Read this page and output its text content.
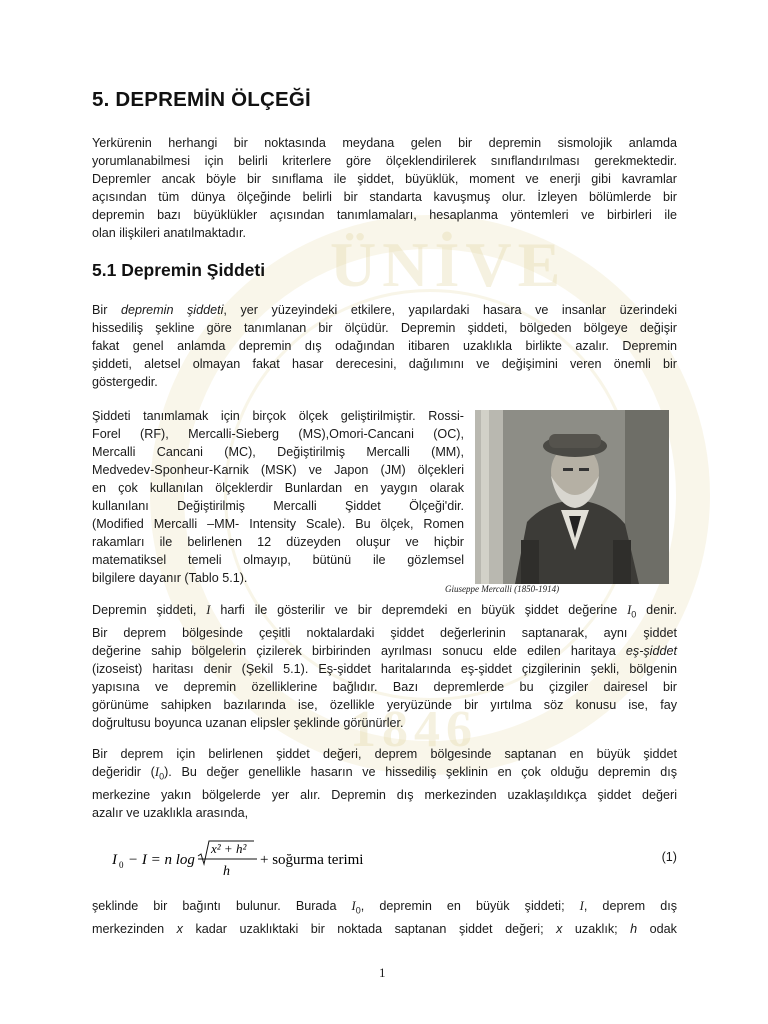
ÜNİVE
1846
5. DEPREMİN ÖLÇEĞİ
Yerkürenin herhangi bir noktasında meydana gelen bir depremin sismolojik anlamda
yorumlanabilmesi için belirli kriterlere göre ölçeklendirilerek sınıflandırılması gerekmektedir.
Depremler ancak böyle bir sınıflama ile şiddet, büyüklük, moment ve enerji gibi kavramlar
açısından tüm dünya ölçeğinde belirli bir standarta kavuşmuş olur. İzleyen bölümlerde bir
depremin bazı büyüklükler açısından tanımlamaları, hesaplanma yöntemleri ve birbirleri ile
olan ilişkileri anatılmaktadır.
5.1 Depremin Şiddeti
Bir depremin şiddeti, yer yüzeyindeki etkilere, yapılardaki hasara ve insanlar üzerindeki
hissediliş şekline göre tanımlanan bir ölçüdür. Depremin şiddeti, bölgeden bölgeye değişir
fakat genel anlamda depremin dış odağından itibaren uzaklıkla birlikte azalır. Depremin
şiddeti, aletsel olmayan fakat hasar derecesini, dağılımını ve değişimini veren önemli bir
göstergedir.
Şiddeti tanımlamak için birçok ölçek geliştirilmiştir. Rossi-
Forel (RF), Mercalli-Sieberg (MS),Omori-Cancani (OC),
Mercalli Cancani (MC), Değiştirilmiş Mercalli (MM),
Medvedev-Sponheur-Karnik (MSK) ve Japon (JM) ölçekleri
en çok kullanılan ölçeklerdir Bunlardan en yaygın olarak
kullanılanı Değiştirilmiş Mercalli Şiddet Ölçeği'dir.
(Modified Mercalli –MM- Intensity Scale). Bu ölçek, Romen
rakamları ile belirlenen 12 düzeyden oluşur ve hiçbir
matematiksel temeli olmayıp, bütünü ile gözlemsel
bilgilere dayanır (Tablo 5.1).
Giuseppe Mercalli (1850-1914)
Depremin şiddeti, I harfi ile gösterilir ve bir depremdeki en büyük şiddet değerine $I_0$ denir.
Bir deprem bölgesinde çeşitli noktalardaki şiddet değerlerinin saptanarak, aynı şiddet
değerine sahip bölgelerin çizilerek birbirinden ayrılması sonucu elde edilen haritaya eş-şiddet
(izoseist) haritası denir (Şekil 5.1). Eş-şiddet haritalarında eş-şiddet çizgilerinin şekli, bölgenin
yapısına ve depremin özelliklerine bağlıdır. Bazı depremlerde bu çizgiler dairesel bir
görünüme sahipken bazılarında ise, özellikle yeryüzünde bir yırtılma söz konusu ise, fay
doğrultusu boyunca uzanan elipsler şeklinde görünürler.
Bir deprem için belirlenen şiddet değeri, deprem bölgesinde saptanan en büyük şiddet
değeridir $(I_0)$. Bu değer genellikle hasarın ve hissediliş şeklinin en çok olduğu depremin dış
merkezine yakın bölgelerde yer alır. Depremin dış merkezinden uzaklaşıldıkça şiddet değeri
azalır ve uzaklıkla arasında,
I 0 − I = n log
x² + h²
h
+ soğurma terimi	(1)
şeklinde bir bağıntı bulunur. Burada $I_0$, depremin en büyük şiddeti; I, deprem dış
merkezinden x kadar uzaklıktaki bir noktada saptanan şiddet değeri; x uzaklık; h odak
1
